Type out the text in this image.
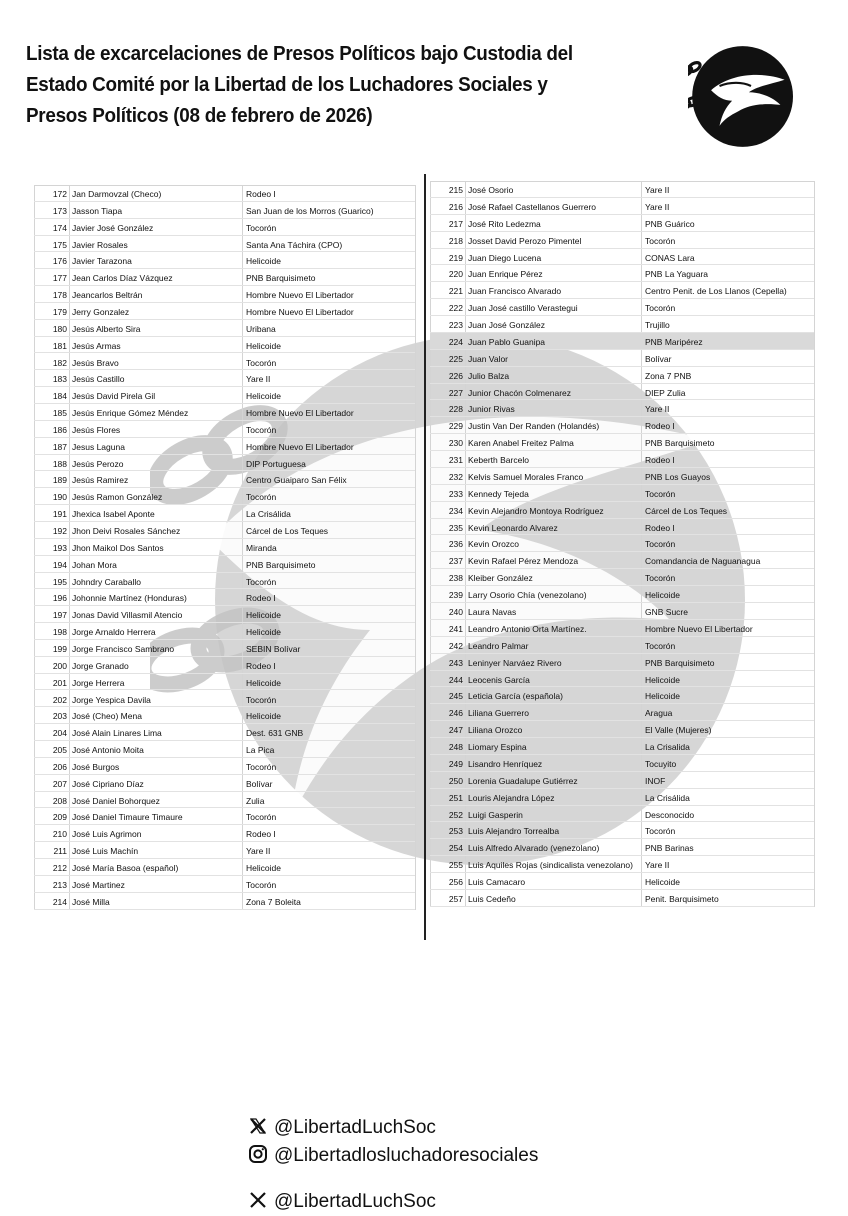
Lista de excarcelaciones de Presos Políticos bajo Custodia del
Estado Comité por la Libertad de los Luchadores Sociales y
Presos Políticos (08 de febrero de 2026)
172 Jan Darmovzal (Checo)	Rodeo I
173 Jasson Tiapa	San Juan de los Morros (Guarico)
174 Javier José González	Tocorón
175 Javier Rosales	Santa Ana Táchira (CPO)
176 Javier Tarazona	Helicoide
177 Jean Carlos Díaz Vázquez	PNB Barquisimeto
178 Jeancarlos Beltrán	Hombre Nuevo El Libertador
179 Jerry Gonzalez	Hombre Nuevo El Libertador
180 Jesús Alberto Sira	Uribana
181 Jesús Armas	Helicoide
182 Jesús Bravo	Tocorón
183 Jesús Castillo	Yare II
184 Jesús David Pirela Gil	Helicoide
185 Jesús Enrique Gómez Méndez	Hombre Nuevo El Libertador
186 Jesús Flores	Tocorón
187 Jesus Laguna	Hombre Nuevo El Libertador
188 Jesús Perozo	DIP Portuguesa
189 Jesús Ramirez	Centro Guaiparo San Félix
190 Jesús Ramon González	Tocorón
191 Jhexica Isabel Aponte	La Crisálida
192 Jhon Deivi Rosales Sánchez	Cárcel de Los Teques
193 Jhon Maikol Dos Santos	Miranda
194 Johan Mora	PNB Barquisimeto
195 Johndry Caraballo	Tocorón
196 Johonnie Martínez (Honduras)	Rodeo I
197 Jonas David Villasmil Atencio	Helicoide
198 Jorge Arnaldo Herrera	Helicoide
199 Jorge Francisco Sambrano	SEBIN Bolívar
200 Jorge Granado	Rodeo I
201 Jorge Herrera	Helicoide
202 Jorge Yespica Davila	Tocorón
203 José (Cheo) Mena	Helicoide
204 José Alain Linares Lima	Dest. 631 GNB
205 José Antonio Moita	La Pica
206 José Burgos	Tocorón
207 José Cipriano Díaz	Bolívar
208 José Daniel Bohorquez	Zulia
209 José Daniel Timaure Timaure	Tocorón
210 José Luis Agrimon	Rodeo I
211 José Luis Machín	Yare II
212 José María Basoa (español)	Helicoide
213 José Martinez	Tocorón
214 José Milla	Zona 7 Boleita
215 José Osorio	Yare II
216 José Rafael Castellanos Guerrero	Yare II
217 José Rito Ledezma	PNB Guárico
218 Josset David Perozo Pimentel	Tocorón
219 Juan Diego Lucena	CONAS Lara
220 Juan Enrique Pérez	PNB La Yaguara
221 Juan Francisco Alvarado	Centro Penit. de Los Llanos (Cepella)
222 Juan José castillo Verastegui	Tocorón
223 Juan José González	Trujillo
224 Juan Pablo Guanipa	PNB Maripérez
225 Juan Valor	Bolívar
226 Julio Balza	Zona 7 PNB
227 Junior Chacón Colmenarez	DIEP Zulia
228 Junior Rivas	Yare II
229 Justin Van Der Randen (Holandés)	Rodeo I
230 Karen Anabel Freitez Palma	PNB Barquisimeto
231 Keberth Barcelo	Rodeo I
232 Kelvis Samuel Morales Franco	PNB Los Guayos
233 Kennedy Tejeda	Tocorón
234 Kevin Alejandro Montoya Rodríguez	Cárcel de Los Teques
235 Kevin Leonardo Alvarez	Rodeo I
236 Kevin Orozco	Tocorón
237 Kevin Rafael Pérez Mendoza	Comandancia de Naguanagua
238 Kleiber González	Tocorón
239 Larry Osorio Chía (venezolano)	Helicoide
240 Laura Navas	GNB Sucre
241 Leandro Antonio Orta Martínez.	Hombre Nuevo El Libertador
242 Leandro Palmar	Tocorón
243 Leninyer Narváez Rivero	PNB Barquisimeto
244 Leocenis García	Helicoide
245 Leticia García (española)	Helicoide
246 Liliana Guerrero	Aragua
247 Liliana Orozco	El Valle (Mujeres)
248 Liomary Espina	La Crisalida
249 Lisandro Henríquez	Tocuyito
250 Lorenia Guadalupe Gutiérrez	INOF
251 Louris Alejandra López	La Crisálida
252 Luigi Gasperin	Desconocido
253 Luis Alejandro Torrealba	Tocorón
254 Luis Alfredo Alvarado (venezolano)	PNB Barinas
255 Luis Aquiles Rojas (sindicalista venezolano) Yare II
256 Luis Camacaro	Helicoide
257 Luis Cedeño	Penit. Barquisimeto
@LibertadLuchSoc
@Libertadlosluchadoresociales
@LibertadLuchSoc
